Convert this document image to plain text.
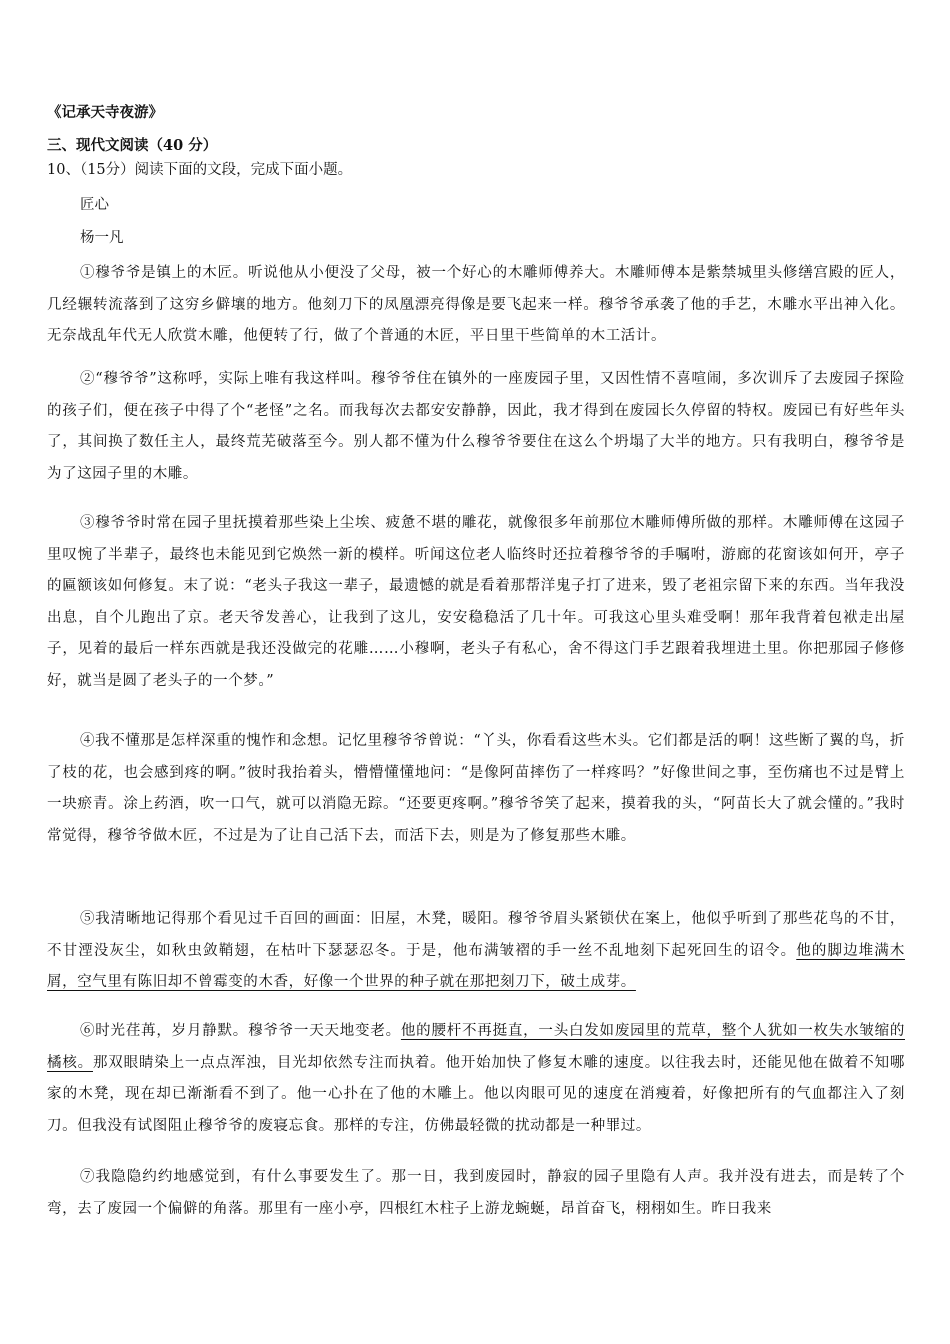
《记承天寺夜游》
三、现代文阅读（40 分）
10、（15分）阅读下面的文段，完成下面小题。
匠心
杨一凡
①穆爷爷是镇上的木匠。听说他从小便没了父母，被一个好心的木雕师傅养大。木雕师傅本是紫禁城里头修缮宫殿的匠人，几经辗转流落到了这穷乡僻壤的地方。他刻刀下的凤凰漂亮得像是要飞起来一样。穆爷爷承袭了他的手艺，木雕水平出神入化。无奈战乱年代无人欣赏木雕，他便转了行，做了个普通的木匠，平日里干些简单的木工活计。
②“穆爷爷”这称呼，实际上唯有我这样叫。穆爷爷住在镇外的一座废园子里，又因性情不喜喧闹，多次训斥了去废园子探险的孩子们，便在孩子中得了个“老怪”之名。而我每次去都安安静静，因此，我才得到在废园长久停留的特权。废园已有好些年头了，其间换了数任主人，最终荒芜破落至今。别人都不懂为什么穆爷爷要住在这么个坍塌了大半的地方。只有我明白，穆爷爷是为了这园子里的木雕。
③穆爷爷时常在园子里抚摸着那些染上尘埃、疲惫不堪的雕花，就像很多年前那位木雕师傅所做的那样。木雕师傅在这园子里叹惋了半辈子，最终也未能见到它焕然一新的模样。听闻这位老人临终时还拉着穆爷爷的手嘱咐，游廊的花窗该如何开，亭子的匾额该如何修复。末了说：“老头子我这一辈子，最遗憾的就是看着那帮洋鬼子打了进来，毁了老祖宗留下来的东西。当年我没出息，自个儿跑出了京。老天爷发善心，让我到了这儿，安安稳稳活了几十年。可我这心里头难受啊！那年我背着包袱走出屋子，见着的最后一样东西就是我还没做完的花雕……小穆啊，老头子有私心，舍不得这门手艺跟着我埋进土里。你把那园子修修好，就当是圆了老头子的一个梦。”
④我不懂那是怎样深重的愧怍和念想。记忆里穆爷爷曾说：“丫头，你看看这些木头。它们都是活的啊！这些断了翼的鸟，折了枝的花，也会感到疼的啊。”彼时我抬着头，懵懵懂懂地问：“是像阿苗摔伤了一样疼吗？”好像世间之事，至伤痛也不过是臂上一块瘀青。涂上药酒，吹一口气，就可以消隐无踪。“还要更疼啊。”穆爷爷笑了起来，摸着我的头，“阿苗长大了就会懂的。”我时常觉得，穆爷爷做木匠，不过是为了让自己活下去，而活下去，则是为了修复那些木雕。
⑤我清晰地记得那个看见过千百回的画面：旧屋，木凳，暖阳。穆爷爷眉头紧锁伏在案上，他似乎听到了那些花鸟的不甘，不甘湮没灰尘，如秋虫敛鞘翅，在枯叶下瑟瑟忍冬。于是，他布满皱褶的手一丝不乱地刻下起死回生的诏令。他的脚边堆满木屑，空气里有陈旧却不曾霉变的木香，好像一个世界的种子就在那把刻刀下，破土成芽。
⑥时光荏苒，岁月静默。穆爷爷一天天地变老。他的腰杆不再挺直，一头白发如废园里的荒草，整个人犹如一枚失水皱缩的橘核。那双眼睛染上一点点浑浊，目光却依然专注而执着。他开始加快了修复木雕的速度。以往我去时，还能见他在做着不知哪家的木凳，现在却已渐渐看不到了。他一心扑在了他的木雕上。他以肉眼可见的速度在消瘦着，好像把所有的气血都注入了刻刀。但我没有试图阻止穆爷爷的废寝忘食。那样的专注，仿佛最轻微的扰动都是一种罪过。
⑦我隐隐约约地感觉到，有什么事要发生了。那一日，我到废园时，静寂的园子里隐有人声。我并没有进去，而是转了个弯，去了废园一个偏僻的角落。那里有一座小亭，四根红木柱子上游龙蜿蜒，昂首奋飞，栩栩如生。昨日我来
